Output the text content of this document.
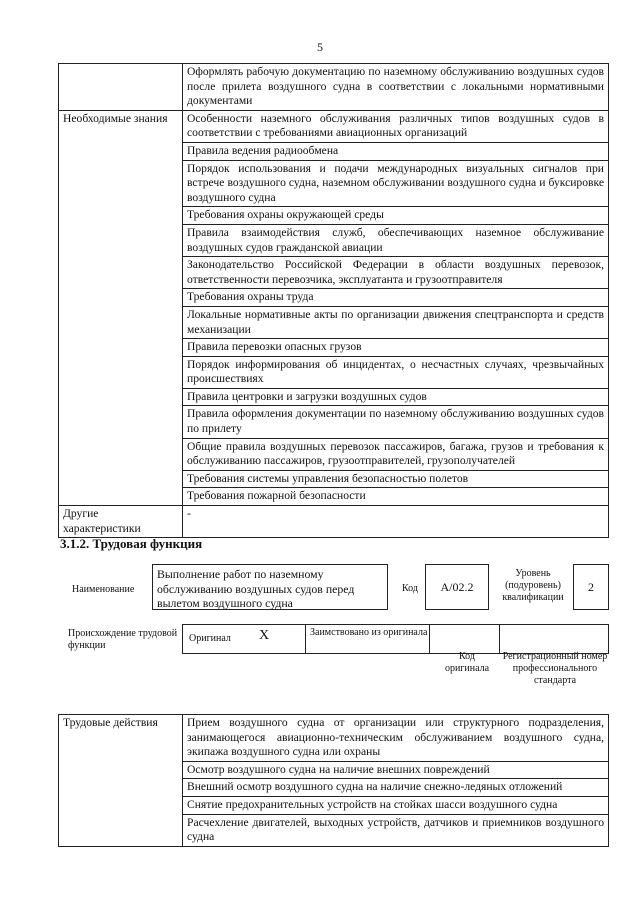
5
	Оформлять рабочую документацию по наземному обслуживанию воздушных судов после прилета воздушного судна в соответствии с локальными нормативными документами
Необходимые знания	Особенности наземного обслуживания различных типов воздушных судов в соответствии с требованиями авиационных организаций
	Правила ведения радиообмена
	Порядок использования и подачи международных визуальных сигналов при встрече воздушного судна, наземном обслуживании воздушного судна и буксировке воздушного судна
	Требования охраны окружающей среды
	Правила взаимодействия служб, обеспечивающих наземное обслуживание воздушных судов гражданской авиации
	Законодательство Российской Федерации в области воздушных перевозок, ответственности перевозчика, эксплуатанта и грузоотправителя
	Требования охраны труда
	Локальные нормативные акты по организации движения спецтранспорта и средств механизации
	Правила перевозки опасных грузов
	Порядок информирования об инцидентах, о несчастных случаях, чрезвычайных происшествиях
	Правила центровки и загрузки воздушных судов
	Правила оформления документации по наземному обслуживанию воздушных судов по прилету
	Общие правила воздушных перевозок пассажиров, багажа, грузов и требования к обслуживанию пассажиров, грузоотправителей, грузополучателей
	Требования системы управления безопасностью полетов
	Требования пожарной безопасности
Другие характеристики	-
3.1.2. Трудовая функция
Наименование
Выполнение работ по наземному обслуживанию воздушных судов перед вылетом воздушного судна
Код	A/02.2
Уровень (подуровень) квалификации
2
Происхождение трудовой функции
Оригинал X	Заимствовано из оригинала
Код оригинала
Регистрационный номер профессионального стандарта
Трудовые действия	Прием воздушного судна от организации или структурного подразделения, занимающегося авиационно-техническим обслуживанием воздушного судна, экипажа воздушного судна или охраны
Осмотр воздушного судна на наличие внешних повреждений
Внешний осмотр воздушного судна на наличие снежно-ледяных отложений
Снятие предохранительных устройств на стойках шасси воздушного судна
Расчехление двигателей, выходных устройств, датчиков и приемников воздушного судна
